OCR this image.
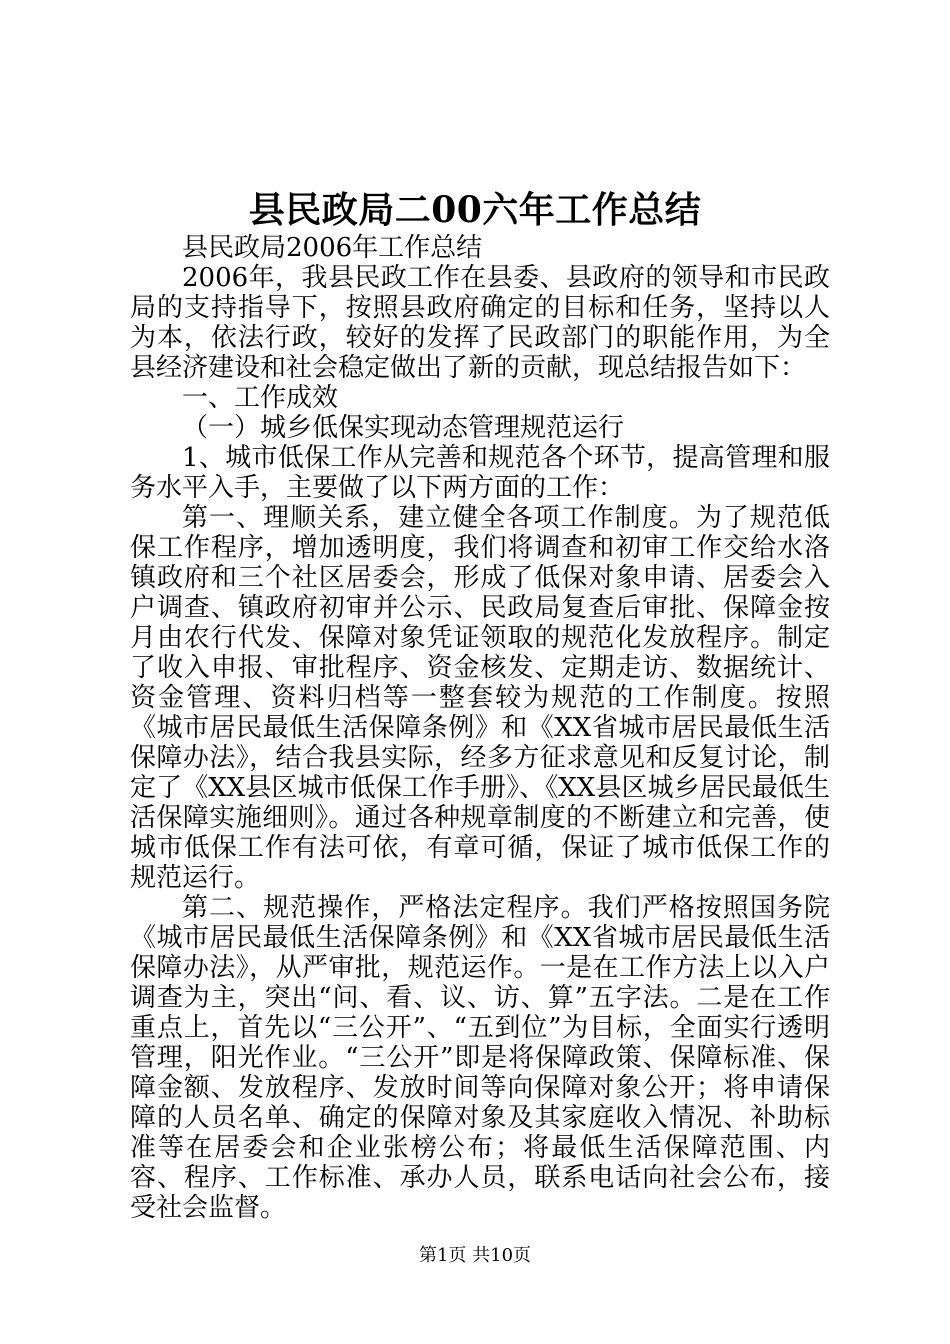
县民政局二00六年工作总结

县民政局2006年工作总结

2006年，我县民政工作在县委、县政府的领导和市民政局的支持指导下，按照县政府确定的目标和任务，坚持以人为本，依法行政，较好的发挥了民政部门的职能作用，为全县经济建设和社会稳定做出了新的贡献，现总结报告如下：

一、工作成效

（一）城乡低保实现动态管理规范运行

1、城市低保工作从完善和规范各个环节，提高管理和服务水平入手，主要做了以下两方面的工作：

第一、理顺关系，建立健全各项工作制度。为了规范低保工作程序，增加透明度，我们将调查和初审工作交给水洛镇政府和三个社区居委会，形成了低保对象申请、居委会入户调查、镇政府初审并公示、民政局复查后审批、保障金按月由农行代发、保障对象凭证领取的规范化发放程序。制定了收入申报、审批程序、资金核发、定期走访、数据统计、资金管理、资料归档等一整套较为规范的工作制度。按照《城市居民最低生活保障条例》和《XX省城市居民最低生活保障办法》，结合我县实际，经多方征求意见和反复讨论，制定了《XX县区城市低保工作手册》、《XX县区城乡居民最低生活保障实施细则》。通过各种规章制度的不断建立和完善，使城市低保工作有法可依，有章可循，保证了城市低保工作的规范运行。

第二、规范操作，严格法定程序。我们严格按照国务院《城市居民最低生活保障条例》和《XX省城市居民最低生活保障办法》，从严审批，规范运作。一是在工作方法上以入户调查为主，突出“问、看、议、访、算”五字法。二是在工作重点上，首先以“三公开”、“五到位”为目标，全面实行透明管理，阳光作业。“三公开”即是将保障政策、保障标准、保障金额、发放程序、发放时间等向保障对象公开；将申请保障的人员名单、确定的保障对象及其家庭收入情况、补助标准等在居委会和企业张榜公布；将最低生活保障范围、内容、程序、工作标准、承办人员，联系电话向社会公布，接受社会监督。

第1页 共10页
